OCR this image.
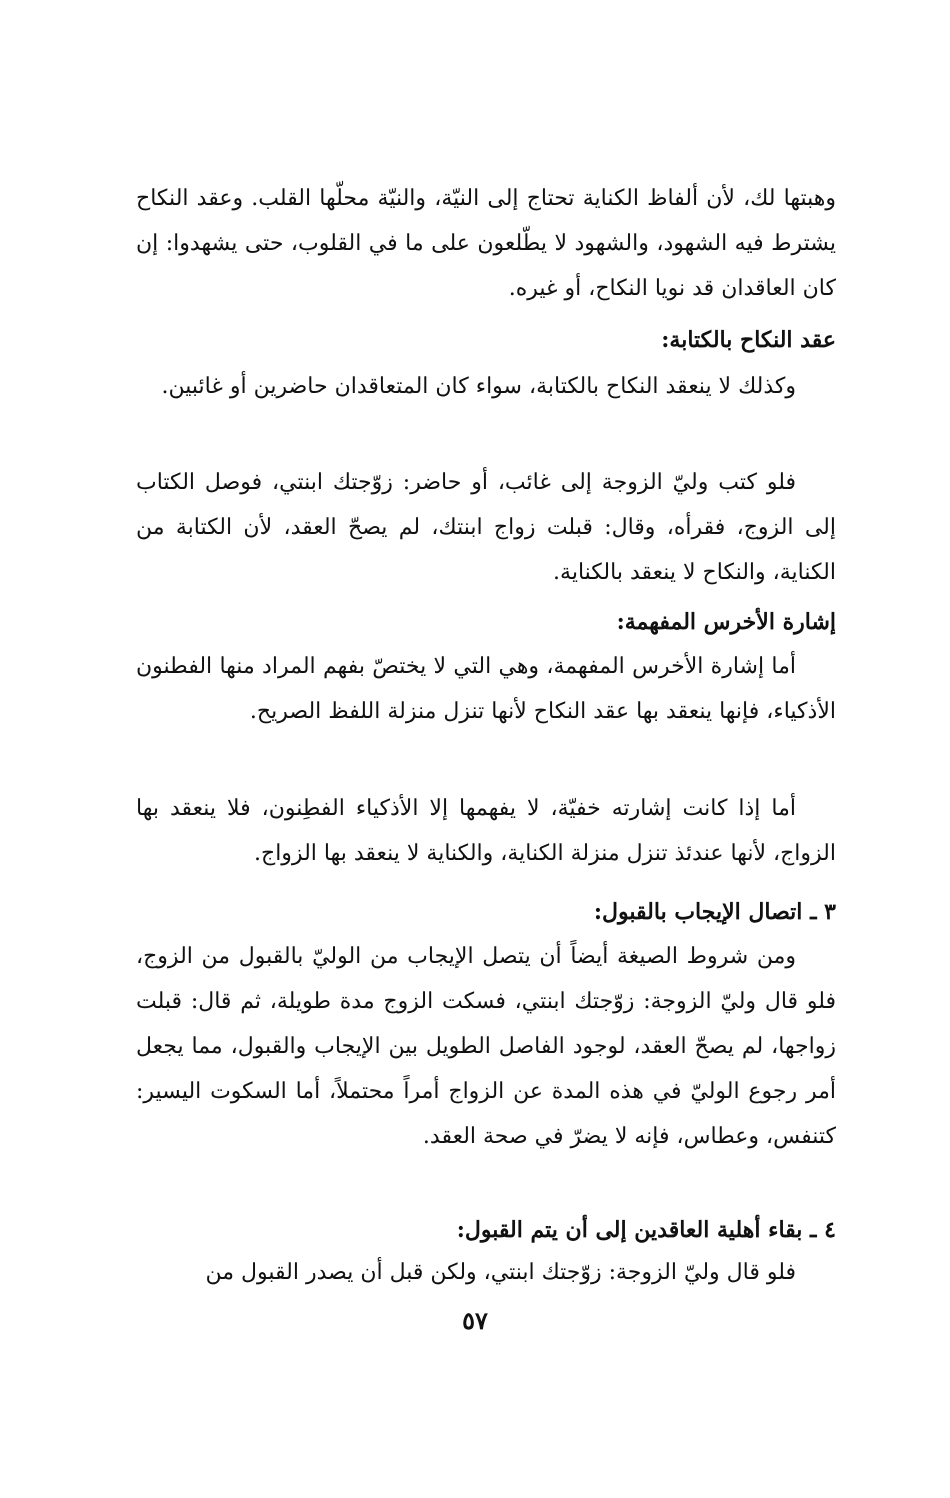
وهبتها لك، لأن ألفاظ الكناية تحتاج إلى النيّة، والنيّة محلّها القلب. وعقد النكاح يشترط فيه الشهود، والشهود لا يطّلعون على ما في القلوب، حتى يشهدوا: إن كان العاقدان قد نويا النكاح، أو غيره.

عقد النكاح بالكتابة:

وكذلك لا ينعقد النكاح بالكتابة، سواء كان المتعاقدان حاضرين أو غائبين.

فلو كتب وليّ الزوجة إلى غائب، أو حاضر: زوّجتك ابنتي، فوصل الكتاب إلى الزوج، فقرأه، وقال: قبلت زواج ابنتك، لم يصحّ العقد، لأن الكتابة من الكناية، والنكاح لا ينعقد بالكناية.

إشارة الأخرس المفهمة:

أما إشارة الأخرس المفهمة، وهي التي لا يختصّ بفهم المراد منها الفطنون الأذكياء، فإنها ينعقد بها عقد النكاح لأنها تنزل منزلة اللفظ الصريح.

أما إذا كانت إشارته خفيّة، لا يفهمها إلا الأذكياء الفطِنون، فلا ينعقد بها الزواج، لأنها عندئذ تنزل منزلة الكناية، والكناية لا ينعقد بها الزواج.

٣ ـ اتصال الإيجاب بالقبول:

ومن شروط الصيغة أيضاً أن يتصل الإيجاب من الوليّ بالقبول من الزوج، فلو قال وليّ الزوجة: زوّجتك ابنتي، فسكت الزوج مدة طويلة، ثم قال: قبلت زواجها، لم يصحّ العقد، لوجود الفاصل الطويل بين الإيجاب والقبول، مما يجعل أمر رجوع الوليّ في هذه المدة عن الزواج أمراً محتملاً، أما السكوت اليسير: كتنفس، وعطاس، فإنه لا يضرّ في صحة العقد.

٤ ـ بقاء أهلية العاقدين إلى أن يتم القبول:

فلو قال وليّ الزوجة: زوّجتك ابنتي، ولكن قبل أن يصدر القبول من

٥٧
